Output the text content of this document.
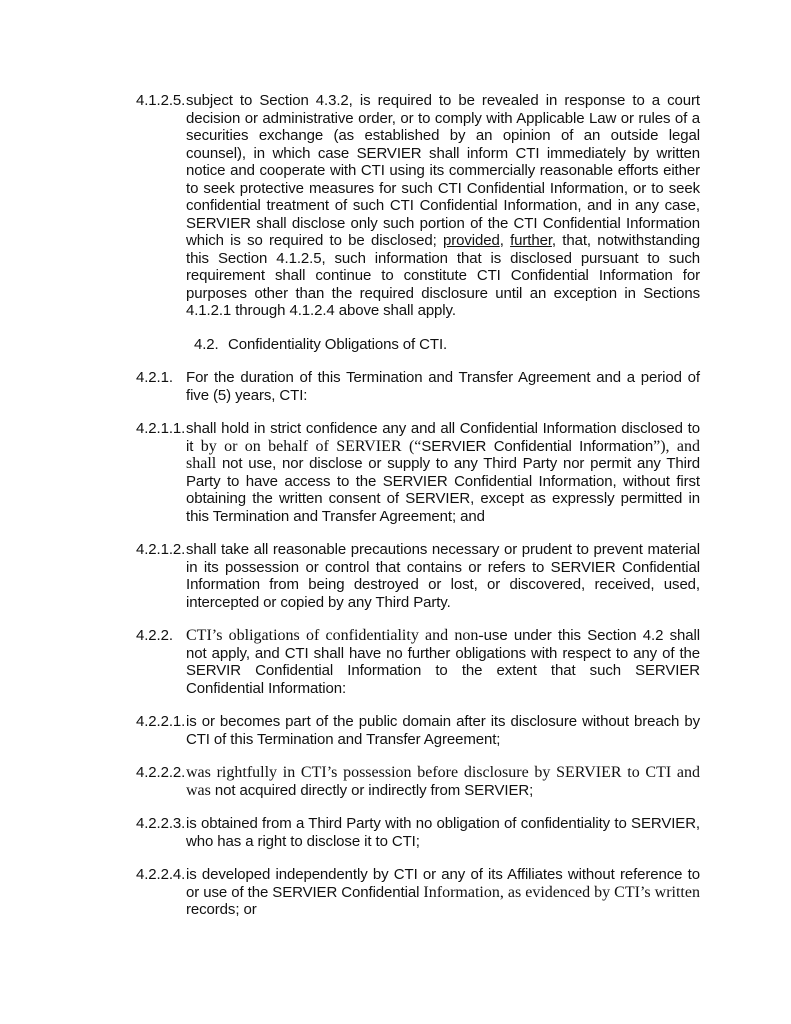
4.1.2.5. subject to Section 4.3.2, is required to be revealed in response to a court decision or administrative order, or to comply with Applicable Law or rules of a securities exchange (as established by an opinion of an outside legal counsel), in which case SERVIER shall inform CTI immediately by written notice and cooperate with CTI using its commercially reasonable efforts either to seek protective measures for such CTI Confidential Information, or to seek confidential treatment of such CTI Confidential Information, and in any case, SERVIER shall disclose only such portion of the CTI Confidential Information which is so required to be disclosed; provided, further, that, notwithstanding this Section 4.1.2.5, such information that is disclosed pursuant to such requirement shall continue to constitute CTI Confidential Information for purposes other than the required disclosure until an exception in Sections 4.1.2.1 through 4.1.2.4 above shall apply.
4.2. Confidentiality Obligations of CTI.
4.2.1. For the duration of this Termination and Transfer Agreement and a period of five (5) years, CTI:
4.2.1.1. shall hold in strict confidence any and all Confidential Information disclosed to it by or on behalf of SERVIER (“SERVIER Confidential Information”), and shall not use, nor disclose or supply to any Third Party nor permit any Third Party to have access to the SERVIER Confidential Information, without first obtaining the written consent of SERVIER, except as expressly permitted in this Termination and Transfer Agreement; and
4.2.1.2. shall take all reasonable precautions necessary or prudent to prevent material in its possession or control that contains or refers to SERVIER Confidential Information from being destroyed or lost, or discovered, received, used, intercepted or copied by any Third Party.
4.2.2. CTI’s obligations of confidentiality and non-use under this Section 4.2 shall not apply, and CTI shall have no further obligations with respect to any of the SERVIR Confidential Information to the extent that such SERVIER Confidential Information:
4.2.2.1. is or becomes part of the public domain after its disclosure without breach by CTI of this Termination and Transfer Agreement;
4.2.2.2. was rightfully in CTI’s possession before disclosure by SERVIER to CTI and was not acquired directly or indirectly from SERVIER;
4.2.2.3. is obtained from a Third Party with no obligation of confidentiality to SERVIER, who has a right to disclose it to CTI;
4.2.2.4. is developed independently by CTI or any of its Affiliates without reference to or use of the SERVIER Confidential Information, as evidenced by CTI’s written records; or
